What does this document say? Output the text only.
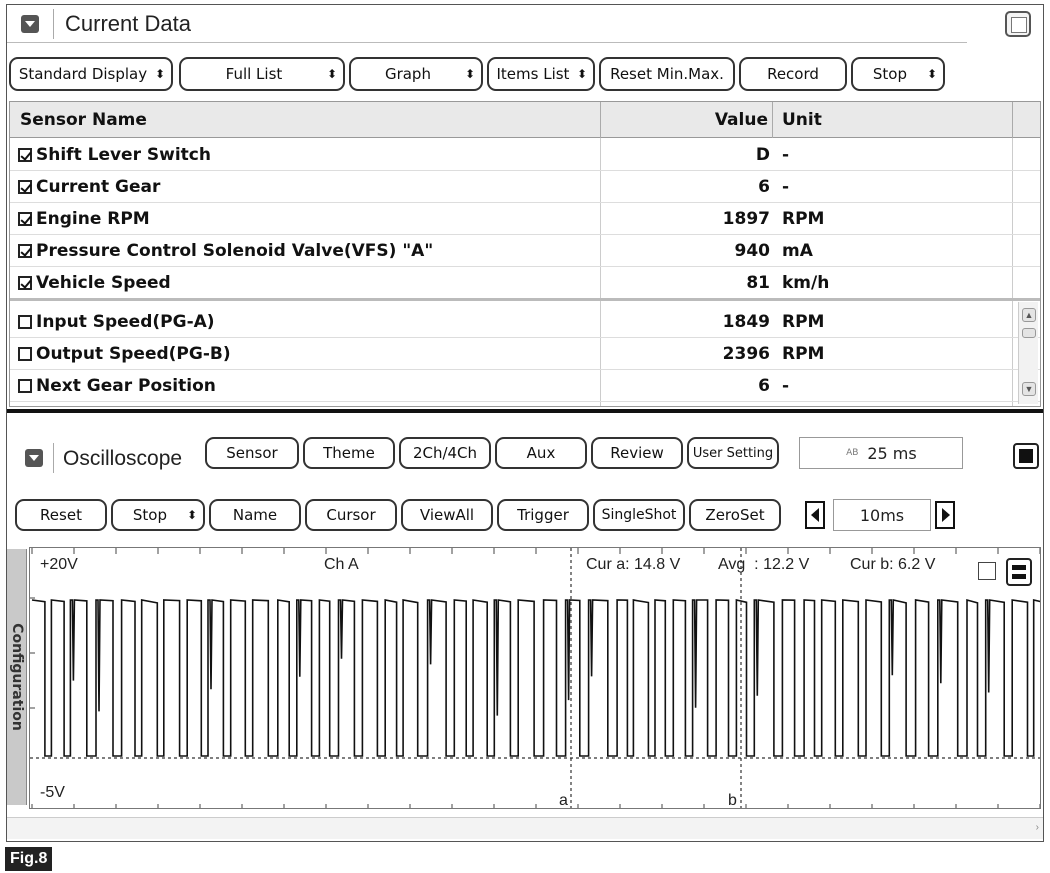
Current Data
Standard Display ⬍	Full List	⬍	Graph	⬍	Items List ⬍	Reset Min.Max.	Record	Stop	⬍
Sensor Name	Value Unit
Shift Lever Switch	D -
Current Gear	6 -
Engine RPM	1897 RPM
Pressure Control Solenoid Valve(VFS) "A"	940 mA
Vehicle Speed	81 km/h
Input Speed(PG-A)	1849 RPM
Output Speed(PG-B)	2396 RPM
Next Gear Position	6 -
▲
▼
Oscilloscope	Sensor	Theme	2Ch/4Ch	Aux	Review	User Setting	AB 25 ms
Reset	Stop	⬍	Name	Cursor	ViewAll	Trigger	SingleShot	ZeroSet	10ms
Configuration
+20V	Ch A	Cur a: 14.8 V Avg  : 12.2 V	Cur b: 6.2 V
-5V	a	b
›
Fig.8
